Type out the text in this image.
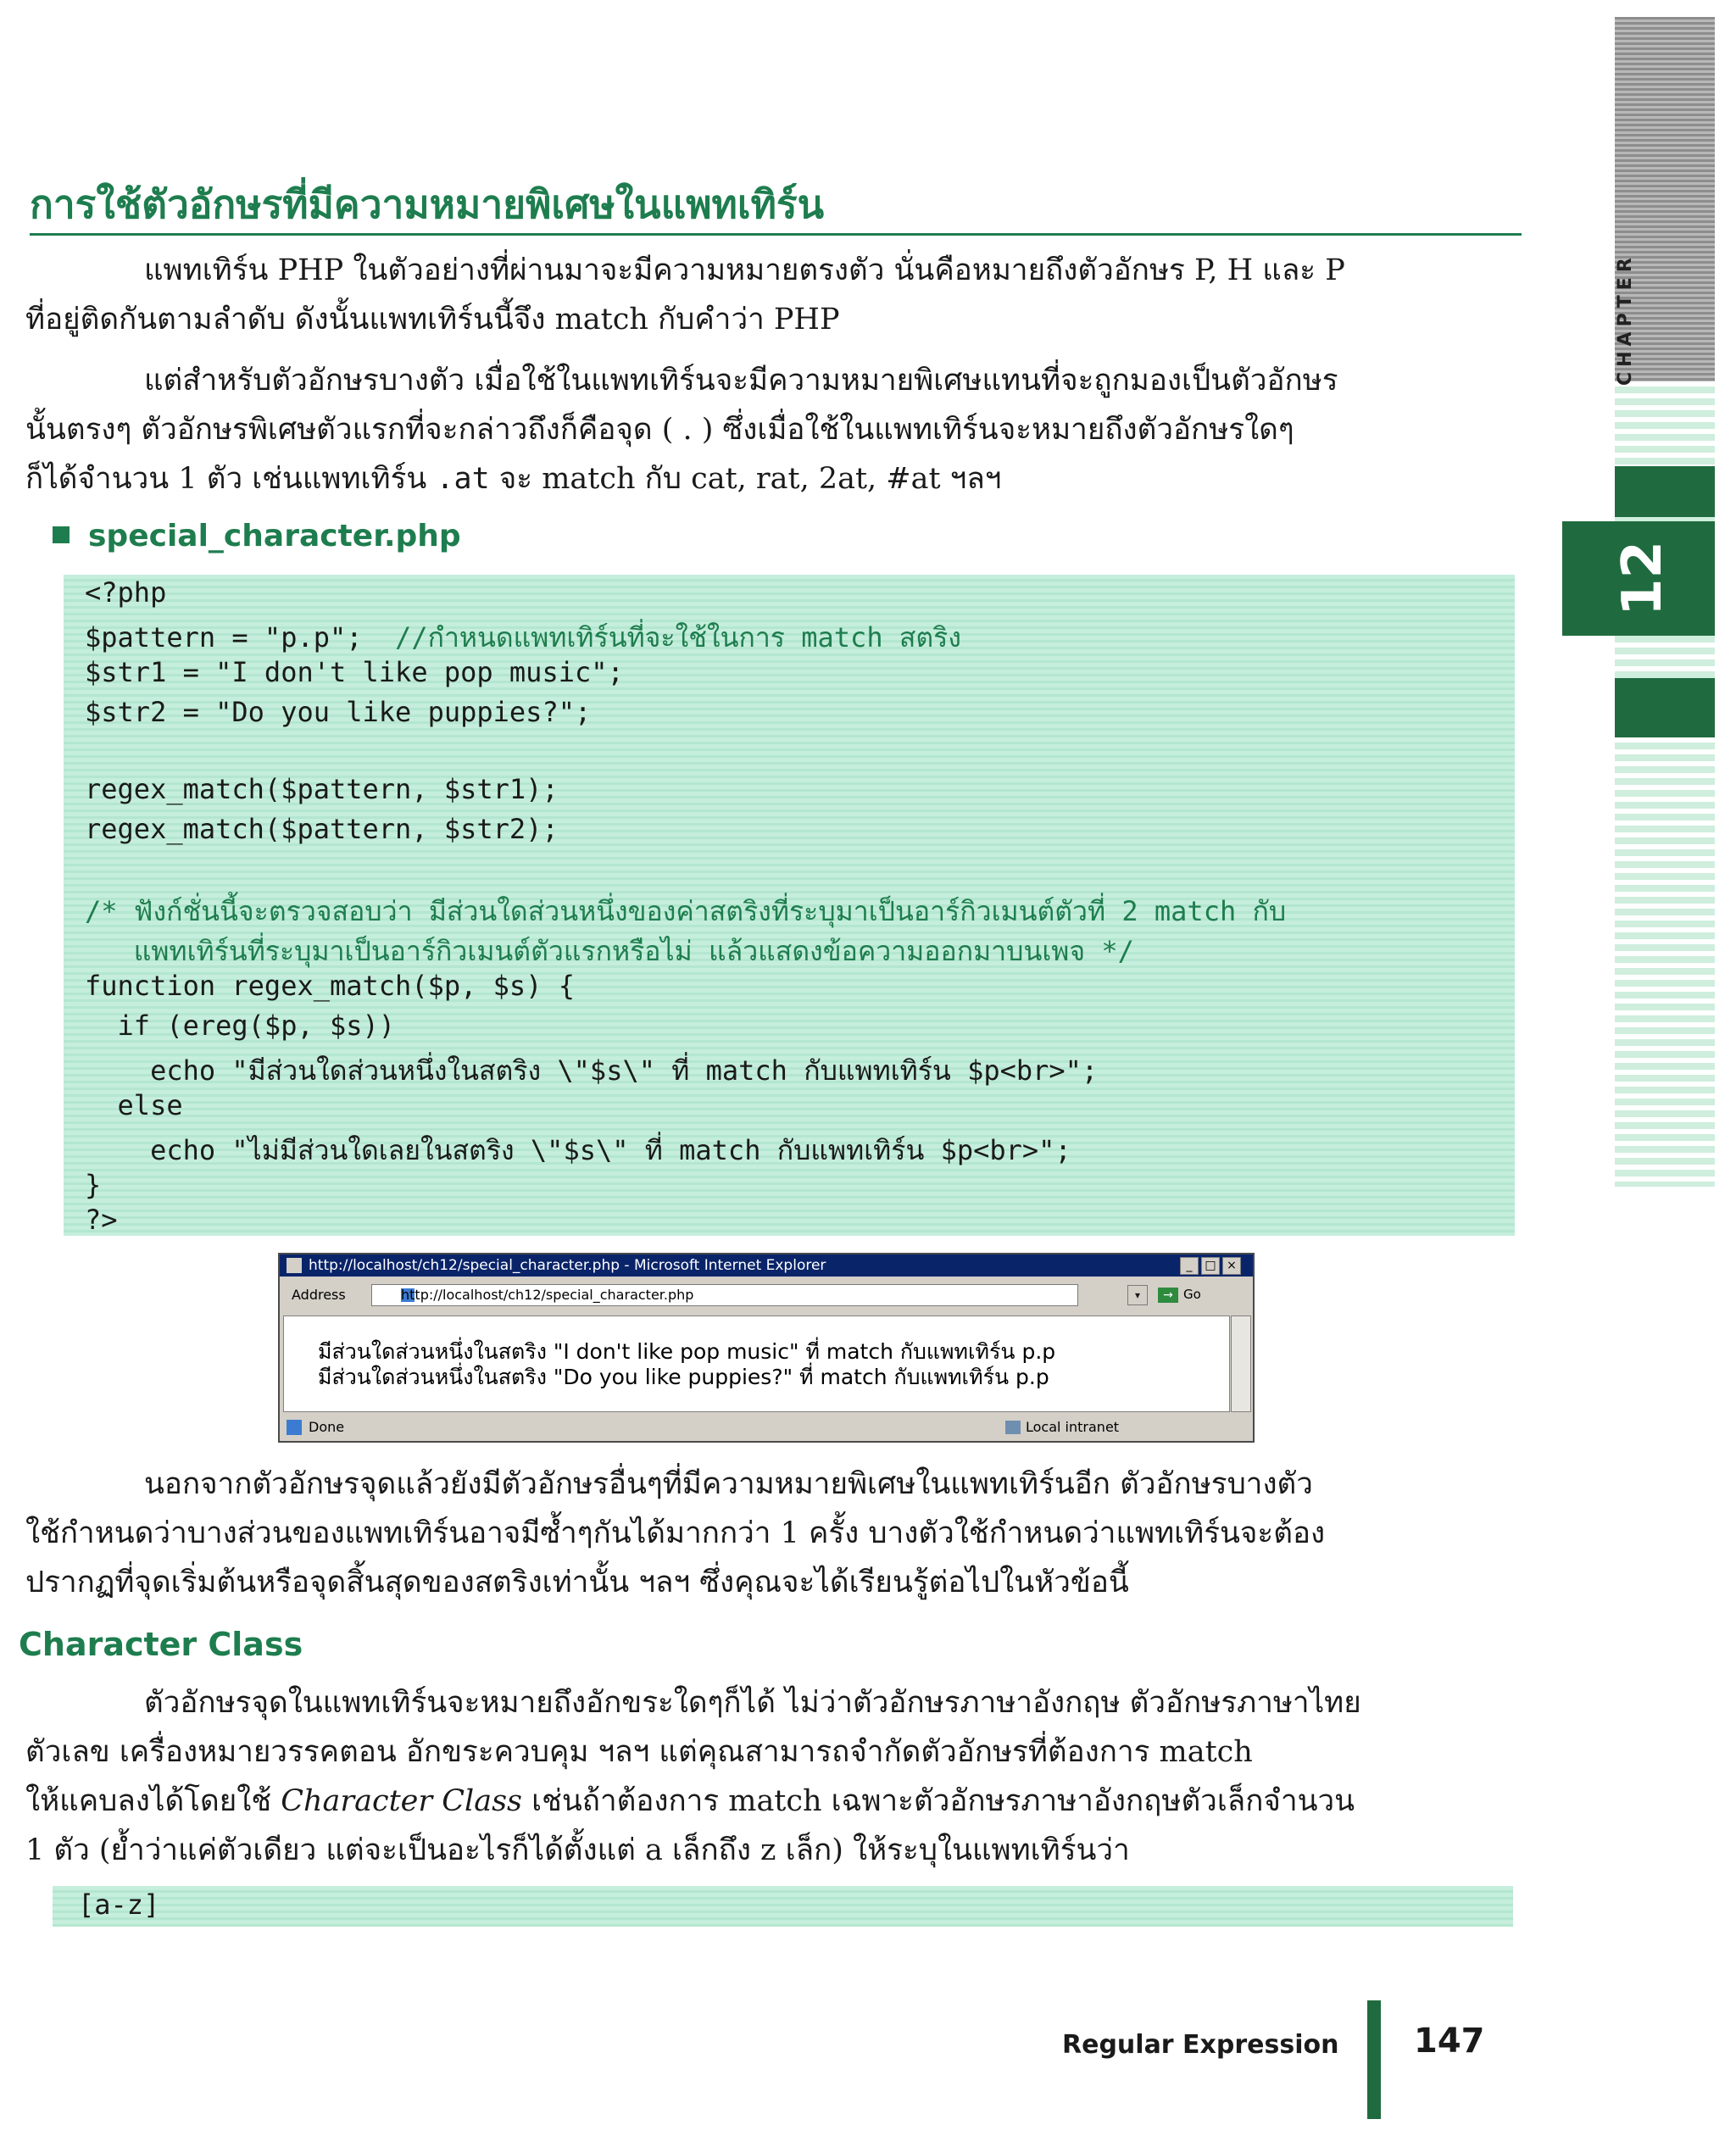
CHAPTER
12
การใช้ตัวอักษรที่มีความหมายพิเศษในแพทเทิร์น
แพทเทิร์น PHP ในตัวอย่างที่ผ่านมาจะมีความหมายตรงตัว นั่นคือหมายถึงตัวอักษร P, H และ P
ที่อยู่ติดกันตามลำดับ ดังนั้นแพทเทิร์นนี้จึง match กับคำว่า PHP
แต่สำหรับตัวอักษรบางตัว เมื่อใช้ในแพทเทิร์นจะมีความหมายพิเศษแทนที่จะถูกมองเป็นตัวอักษร
นั้นตรงๆ ตัวอักษรพิเศษตัวแรกที่จะกล่าวถึงก็คือจุด ( . ) ซึ่งเมื่อใช้ในแพทเทิร์นจะหมายถึงตัวอักษรใดๆ
ก็ได้จำนวน 1 ตัว เช่นแพทเทิร์น .at จะ match กับ cat, rat, 2at, #at ฯลฯ
special_character.php
<?php
$pattern = "p.p";  //กำหนดแพทเทิร์นที่จะใช้ในการ match สตริง
$str1 = "I don't like pop music";
$str2 = "Do you like puppies?";
regex_match($pattern, $str1);
regex_match($pattern, $str2);
/* ฟังก์ชั่นนี้จะตรวจสอบว่า มีส่วนใดส่วนหนึ่งของค่าสตริงที่ระบุมาเป็นอาร์กิวเมนต์ตัวที่ 2 match กับ
แพทเทิร์นที่ระบุมาเป็นอาร์กิวเมนต์ตัวแรกหรือไม่ แล้วแสดงข้อความออกมาบนเพจ */
function regex_match($p, $s) {
if (ereg($p, $s))
echo "มีส่วนใดส่วนหนึ่งในสตริง \"$s\" ที่ match กับแพทเทิร์น $p<br>";
else
echo "ไม่มีส่วนใดเลยในสตริง \"$s\" ที่ match กับแพทเทิร์น $p<br>";
}
?>
http://localhost/ch12/special_character.php - Microsoft Internet Explorer	_	□ ×
Address	http://localhost/ch12/special_character.php	▾	→ Go
มีส่วนใดส่วนหนึ่งในสตริง "I don't like pop music" ที่ match กับแพทเทิร์น p.p
มีส่วนใดส่วนหนึ่งในสตริง "Do you like puppies?" ที่ match กับแพทเทิร์น p.p
Done	Local intranet
นอกจากตัวอักษรจุดแล้วยังมีตัวอักษรอื่นๆที่มีความหมายพิเศษในแพทเทิร์นอีก ตัวอักษรบางตัว
ใช้กำหนดว่าบางส่วนของแพทเทิร์นอาจมีซ้ำๆกันได้มากกว่า 1 ครั้ง บางตัวใช้กำหนดว่าแพทเทิร์นจะต้อง
ปรากฏที่จุดเริ่มต้นหรือจุดสิ้นสุดของสตริงเท่านั้น ฯลฯ ซึ่งคุณจะได้เรียนรู้ต่อไปในหัวข้อนี้
Character Class
ตัวอักษรจุดในแพทเทิร์นจะหมายถึงอักขระใดๆก็ได้ ไม่ว่าตัวอักษรภาษาอังกฤษ ตัวอักษรภาษาไทย
ตัวเลข เครื่องหมายวรรคตอน อักขระควบคุม ฯลฯ แต่คุณสามารถจำกัดตัวอักษรที่ต้องการ match
ให้แคบลงได้โดยใช้ Character Class เช่นถ้าต้องการ match เฉพาะตัวอักษรภาษาอังกฤษตัวเล็กจำนวน
1 ตัว (ย้ำว่าแค่ตัวเดียว แต่จะเป็นอะไรก็ได้ตั้งแต่ a เล็กถึง z เล็ก) ให้ระบุในแพทเทิร์นว่า
[a-z]
Regular Expression 147
